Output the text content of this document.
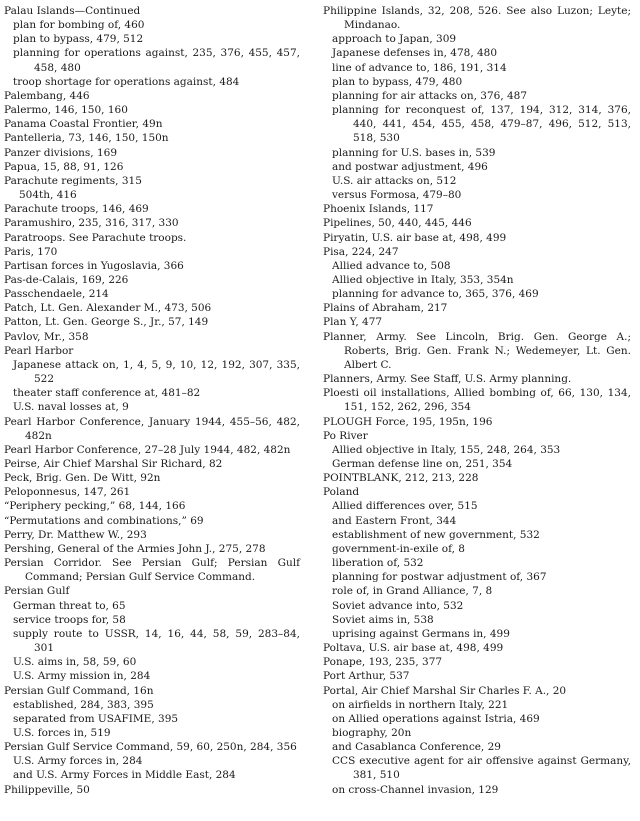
Palau Islands—Continued

plan for bombing of, 460

plan to bypass, 479, 512

planning for operations against, 235, 376, 455, 457, 458, 480

troop shortage for operations against, 484

Palembang, 446

Palermo, 146, 150, 160

Panama Coastal Frontier, 49n

Pantelleria, 73, 146, 150, 150n

Panzer divisions, 169

Papua, 15, 88, 91, 126

Parachute regiments, 315

504th, 416

Parachute troops, 146, 469

Paramushiro, 235, 316, 317, 330

Paratroops. See Parachute troops.

Paris, 170

Partisan forces in Yugoslavia, 366

Pas-de-Calais, 169, 226

Passchendaele, 214

Patch, Lt. Gen. Alexander M., 473, 506

Patton, Lt. Gen. George S., Jr., 57, 149

Pavlov, Mr., 358

Pearl Harbor

Japanese attack on, 1, 4, 5, 9, 10, 12, 192, 307, 335, 522

theater staff conference at, 481–82

U.S. naval losses at, 9

Pearl Harbor Conference, January 1944, 455–56, 482, 482n

Pearl Harbor Conference, 27–28 July 1944, 482, 482n

Peirse, Air Chief Marshal Sir Richard, 82

Peck, Brig. Gen. De Witt, 92n

Peloponnesus, 147, 261

“Periphery pecking,” 68, 144, 166

“Permutations and combinations,” 69

Perry, Dr. Matthew W., 293

Pershing, General of the Armies John J., 275, 278

Persian Corridor. See Persian Gulf; Persian Gulf Command; Persian Gulf Service Command.

Persian Gulf

German threat to, 65

service troops for, 58

supply route to USSR, 14, 16, 44, 58, 59, 283–84, 301

U.S. aims in, 58, 59, 60

U.S. Army mission in, 284

Persian Gulf Command, 16n

established, 284, 383, 395

separated from USAFIME, 395

U.S. forces in, 519

Persian Gulf Service Command, 59, 60, 250n, 284, 356

U.S. Army forces in, 284

and U.S. Army Forces in Middle East, 284

Philippeville, 50

Philippine Islands, 32, 208, 526. See also Luzon; Leyte; Mindanao.

approach to Japan, 309

Japanese defenses in, 478, 480

line of advance to, 186, 191, 314

plan to bypass, 479, 480

planning for air attacks on, 376, 487

planning for reconquest of, 137, 194, 312, 314, 376, 440, 441, 454, 455, 458, 479–87, 496, 512, 513, 518, 530

planning for U.S. bases in, 539

and postwar adjustment, 496

U.S. air attacks on, 512

versus Formosa, 479–80

Phoenix Islands, 117

Pipelines, 50, 440, 445, 446

Piryatin, U.S. air base at, 498, 499

Pisa, 224, 247

Allied advance to, 508

Allied objective in Italy, 353, 354n

planning for advance to, 365, 376, 469

Plains of Abraham, 217

Plan Y, 477

Planner, Army. See Lincoln, Brig. Gen. George A.; Roberts, Brig. Gen. Frank N.; Wedemeyer, Lt. Gen. Albert C.

Planners, Army. See Staff, U.S. Army planning.

Ploesti oil installations, Allied bombing of, 66, 130, 134, 151, 152, 262, 296, 354

PLOUGH Force, 195, 195n, 196

Po River

Allied objective in Italy, 155, 248, 264, 353

German defense line on, 251, 354

POINTBLANK, 212, 213, 228

Poland

Allied differences over, 515

and Eastern Front, 344

establishment of new government, 532

government-in-exile of, 8

liberation of, 532

planning for postwar adjustment of, 367

role of, in Grand Alliance, 7, 8

Soviet advance into, 532

Soviet aims in, 538

uprising against Germans in, 499

Poltava, U.S. air base at, 498, 499

Ponape, 193, 235, 377

Port Arthur, 537

Portal, Air Chief Marshal Sir Charles F. A., 20

on airfields in northern Italy, 221

on Allied operations against Istria, 469

biography, 20n

and Casablanca Conference, 29

CCS executive agent for air offensive against Germany, 381, 510

on cross-Channel invasion, 129
